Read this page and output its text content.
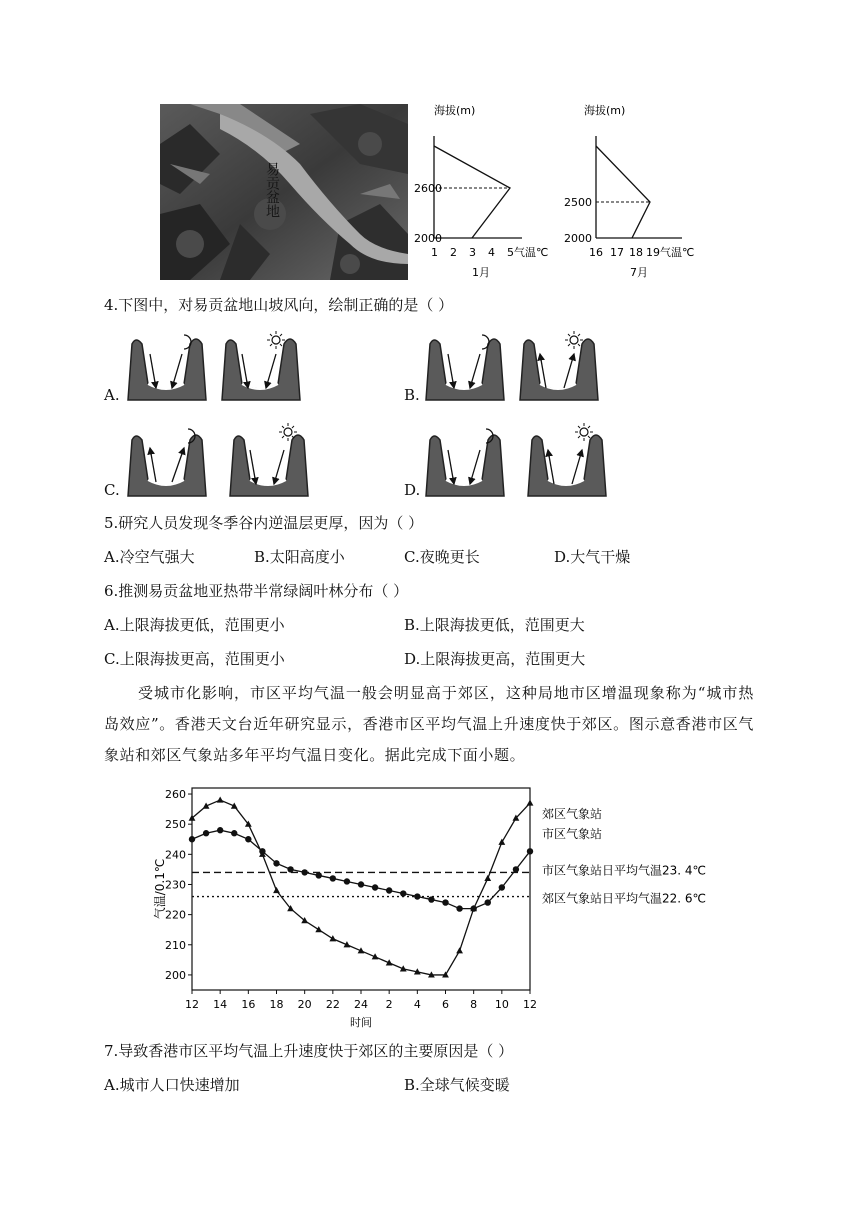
易贡盆地
海拔(m)
2600
2000
1 2 3 4 5 气温℃
1月
海拔(m)
2500
2000
16 17 18 19 气温℃
7月
4.下图中，对易贡盆地山坡风向，绘制正确的是（ ）
A.	B.
C.	D.
5.研究人员发现冬季谷内逆温层更厚，因为（ ）
A.冷空气强大	B.太阳高度小	C.夜晚更长	D.大气干燥
6.推测易贡盆地亚热带半常绿阔叶林分布（ ）
A.上限海拔更低，范围更小	B.上限海拔更低，范围更大
C.上限海拔更高，范围更小	D.上限海拔更高，范围更大
受城市化影响，市区平均气温一般会明显高于郊区，这种局地市区增温现象称为“城市热岛效应”。香港天文台近年研究显示，香港市区平均气温上升速度快于郊区。图示意香港市区气象站和郊区气象站多年平均气温日变化。据此完成下面小题。
200
210
220
230
240
250
260
12 14 16 18 20 22 24 2 4 6 8 10 12
时间
气温/0.1℃	市区气象站日平均气温23. 4℃
郊区气象站日平均气温22. 6℃
郊区气象站
市区气象站
7.导致香港市区平均气温上升速度快于郊区的主要原因是（ ）
A.城市人口快速增加	B.全球气候变暖
